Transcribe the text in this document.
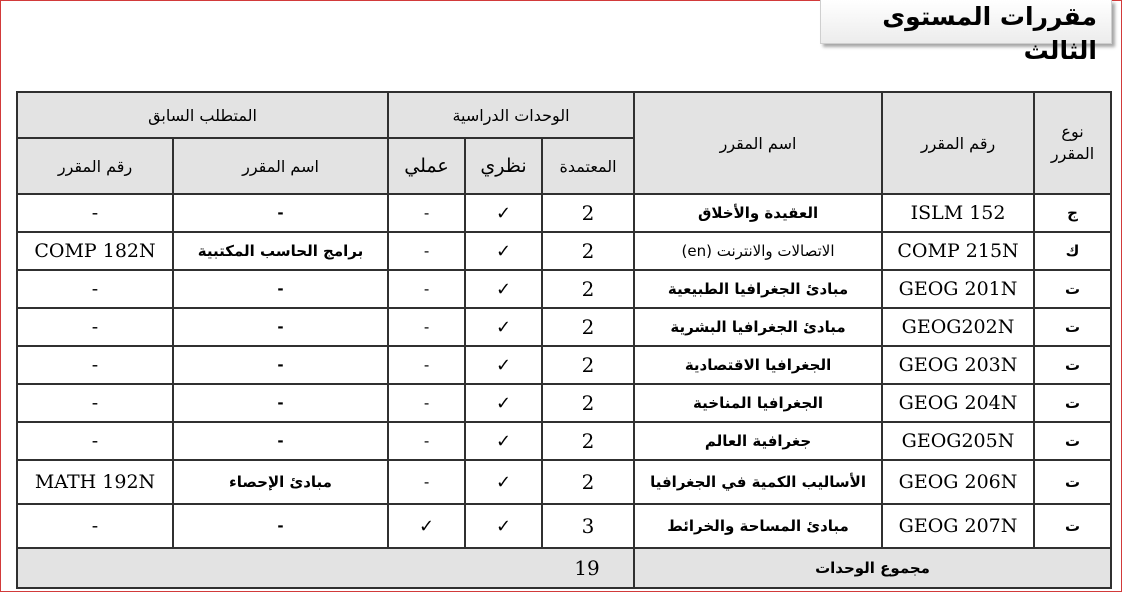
مقررات المستوى الثالث
نوع المقرر	رقم المقرر	اسم المقرر	الوحدات الدراسية			المتطلب السابق	
			المعتمدة	نظري	عملي	اسم المقرر	رقم المقرر
ج	ISLM 152	العقيدة والأخلاق	2	✓	-	-	-
ك	COMP 215N	الاتصالات والانترنت (en)	2	✓	-	برامج الحاسب المكتبية	COMP 182N
ت	GEOG 201N	مبادئ الجغرافيا الطبيعية	2	✓	-	-	-
ت	GEOG202N	مبادئ الجغرافيا البشرية	2	✓	-	-	-
ت	GEOG 203N	الجغرافيا الاقتصادية	2	✓	-	-	-
ت	GEOG 204N	الجغرافيا المناخية	2	✓	-	-	-
ت	GEOG205N	جغرافية العالم	2	✓	-	-	-
ت	GEOG 206N	الأساليب الكمية في الجغرافيا	2	✓	-	مبادئ الإحصاء	MATH 192N
ت	GEOG 207N	مبادئ المساحة والخرائط	3	✓	✓	-	-
مجموع الوحدات			19				
